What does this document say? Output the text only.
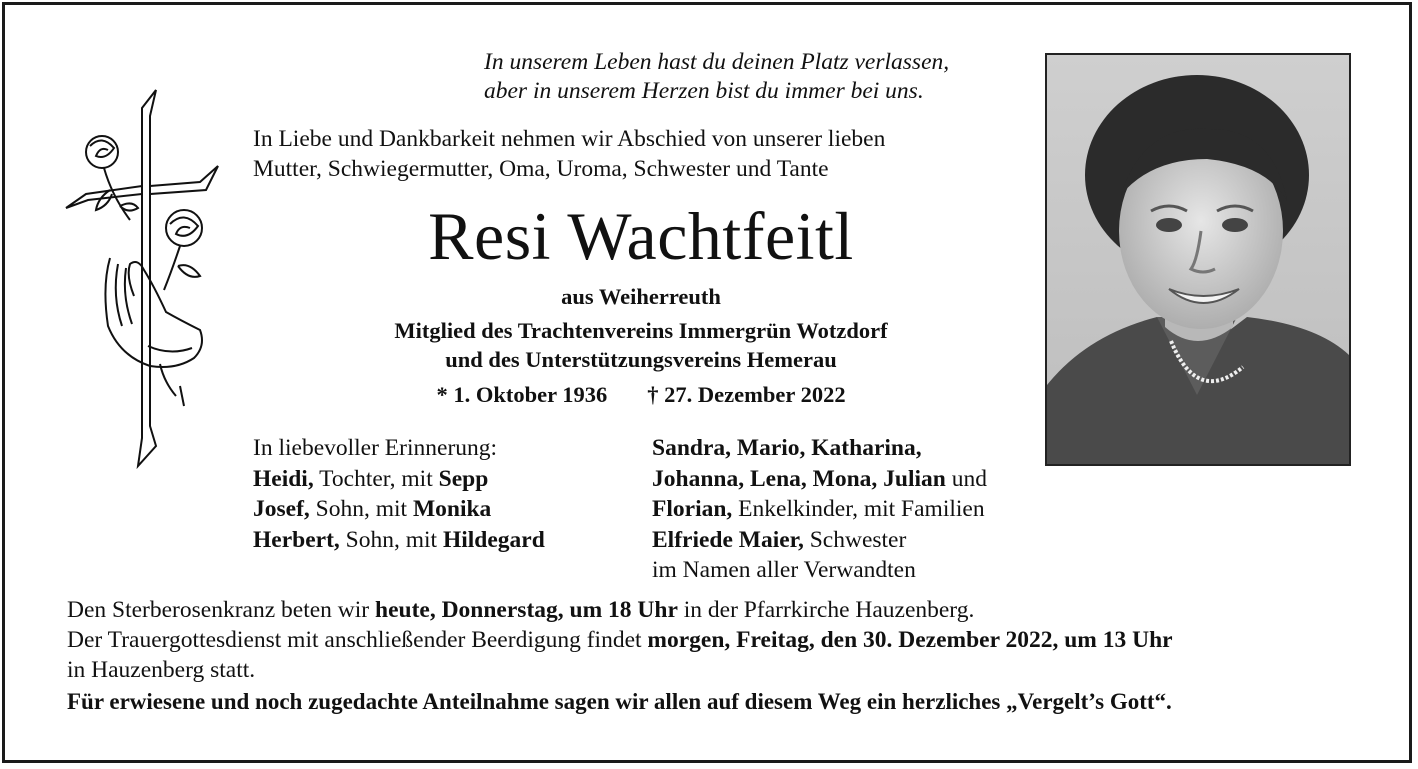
In unserem Leben hast du deinen Platz verlassen,
aber in unserem Herzen bist du immer bei uns.
In Liebe und Dankbarkeit nehmen wir Abschied von unserer lieben
Mutter, Schwiegermutter, Oma, Uroma, Schwester und Tante
Resi Wachtfeitl
aus Weiherreuth
Mitglied des Trachtenvereins Immergrün Wotzdorf
und des Unterstützungsvereins Hemerau
* 1. Oktober 1936 † 27. Dezember 2022
In liebevoller Erinnerung:
Heidi, Tochter, mit Sepp
Josef, Sohn, mit Monika
Herbert, Sohn, mit Hildegard
Sandra, Mario, Katharina,
Johanna, Lena, Mona, Julian und
Florian, Enkelkinder, mit Familien
Elfriede Maier, Schwester
im Namen aller Verwandten
Den Sterberosenkranz beten wir heute, Donnerstag, um 18 Uhr in der Pfarrkirche Hauzenberg.
Der Trauergottesdienst mit anschließender Beerdigung findet morgen, Freitag, den 30. Dezember 2022, um 13 Uhr
in Hauzenberg statt.
Für erwiesene und noch zugedachte Anteilnahme sagen wir allen auf diesem Weg ein herzliches „Vergelt’s Gott“.
